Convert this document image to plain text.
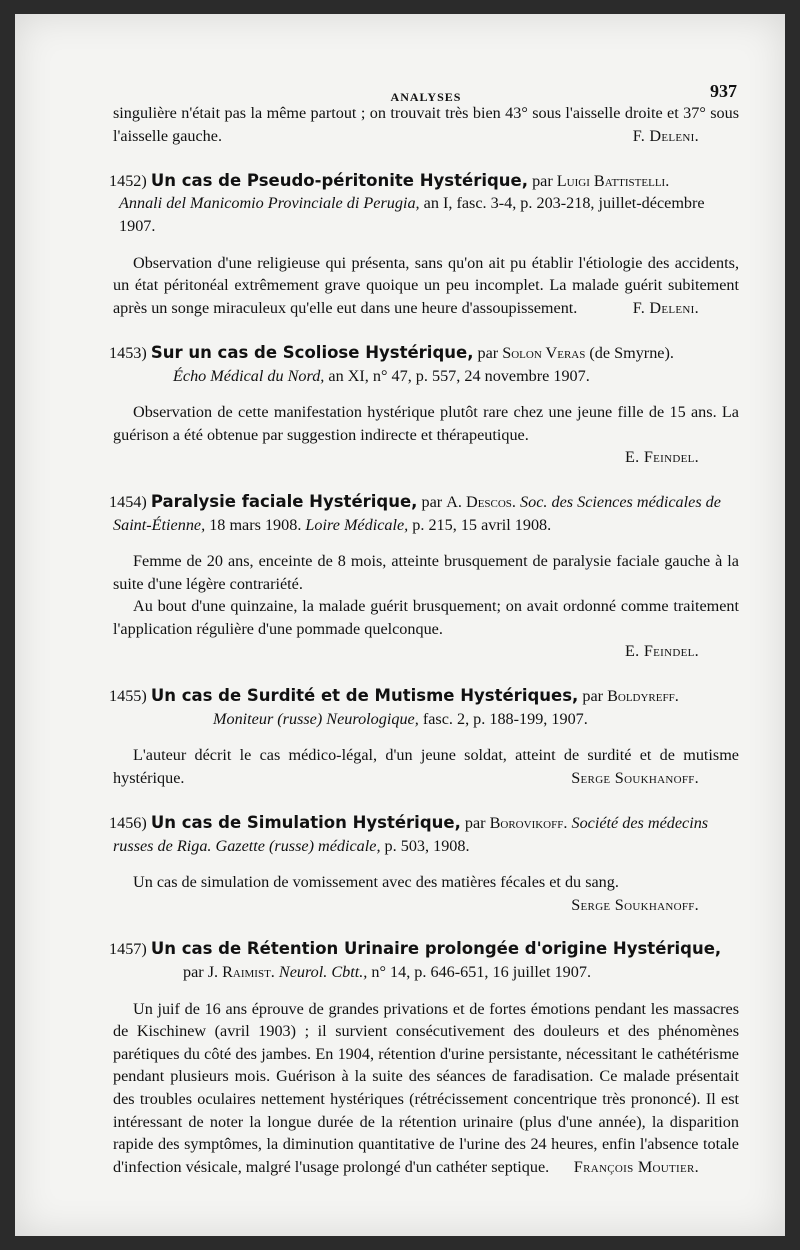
ANALYSES	937

singulière n'était pas la même partout ; on trouvait très bien 43° sous l'aisselle droite et 37° sous l'aisselle gauche.	F. Deleni.

1452) Un cas de Pseudo-péritonite Hystérique, par Luigi Battistelli.
Annali del Manicomio Provinciale di Perugia, an I, fasc. 3-4, p. 203-218, juillet-décembre 1907.

Observation d'une religieuse qui présenta, sans qu'on ait pu établir l'étiologie des accidents, un état péritonéal extrêmement grave quoique un peu incomplet. La malade guérit subitement après un songe miraculeux qu'elle eut dans une heure d'assoupissement.	F. Deleni.

1453) Sur un cas de Scoliose Hystérique, par Solon Veras (de Smyrne).
Écho Médical du Nord, an XI, n° 47, p. 557, 24 novembre 1907.

Observation de cette manifestation hystérique plutôt rare chez une jeune fille de 15 ans. La guérison a été obtenue par suggestion indirecte et thérapeutique.

E. Feindel.

1454) Paralysie faciale Hystérique, par A. Descos. Soc. des Sciences médicales de Saint-Étienne, 18 mars 1908. Loire Médicale, p. 215, 15 avril 1908.

Femme de 20 ans, enceinte de 8 mois, atteinte brusquement de paralysie faciale gauche à la suite d'une légère contrariété.

Au bout d'une quinzaine, la malade guérit brusquement; on avait ordonné comme traitement l'application régulière d'une pommade quelconque.

E. Feindel.

1455) Un cas de Surdité et de Mutisme Hystériques, par Boldyreff.
Moniteur (russe) Neurologique, fasc. 2, p. 188-199, 1907.

L'auteur décrit le cas médico-légal, d'un jeune soldat, atteint de surdité et de mutisme hystérique.	Serge Soukhanoff.

1456) Un cas de Simulation Hystérique, par Borovikoff. Société des médecins russes de Riga. Gazette (russe) médicale, p. 503, 1908.

Un cas de simulation de vomissement avec des matières fécales et du sang.

Serge Soukhanoff.

1457) Un cas de Rétention Urinaire prolongée d'origine Hystérique,
par J. Raimist. Neurol. Cbtt., n° 14, p. 646-651, 16 juillet 1907.

Un juif de 16 ans éprouve de grandes privations et de fortes émotions pendant les massacres de Kischinew (avril 1903) ; il survient consécutivement des douleurs et des phénomènes parétiques du côté des jambes. En 1904, rétention d'urine persistante, nécessitant le cathétérisme pendant plusieurs mois. Guérison à la suite des séances de faradisation. Ce malade présentait des troubles oculaires nettement hystériques (rétrécissement concentrique très prononcé). Il est intéressant de noter la longue durée de la rétention urinaire (plus d'une année), la disparition rapide des symptômes, la diminution quantitative de l'urine des 24 heures, enfin l'absence totale d'infection vésicale, malgré l'usage prolongé d'un cathéter septique.	François Moutier.
